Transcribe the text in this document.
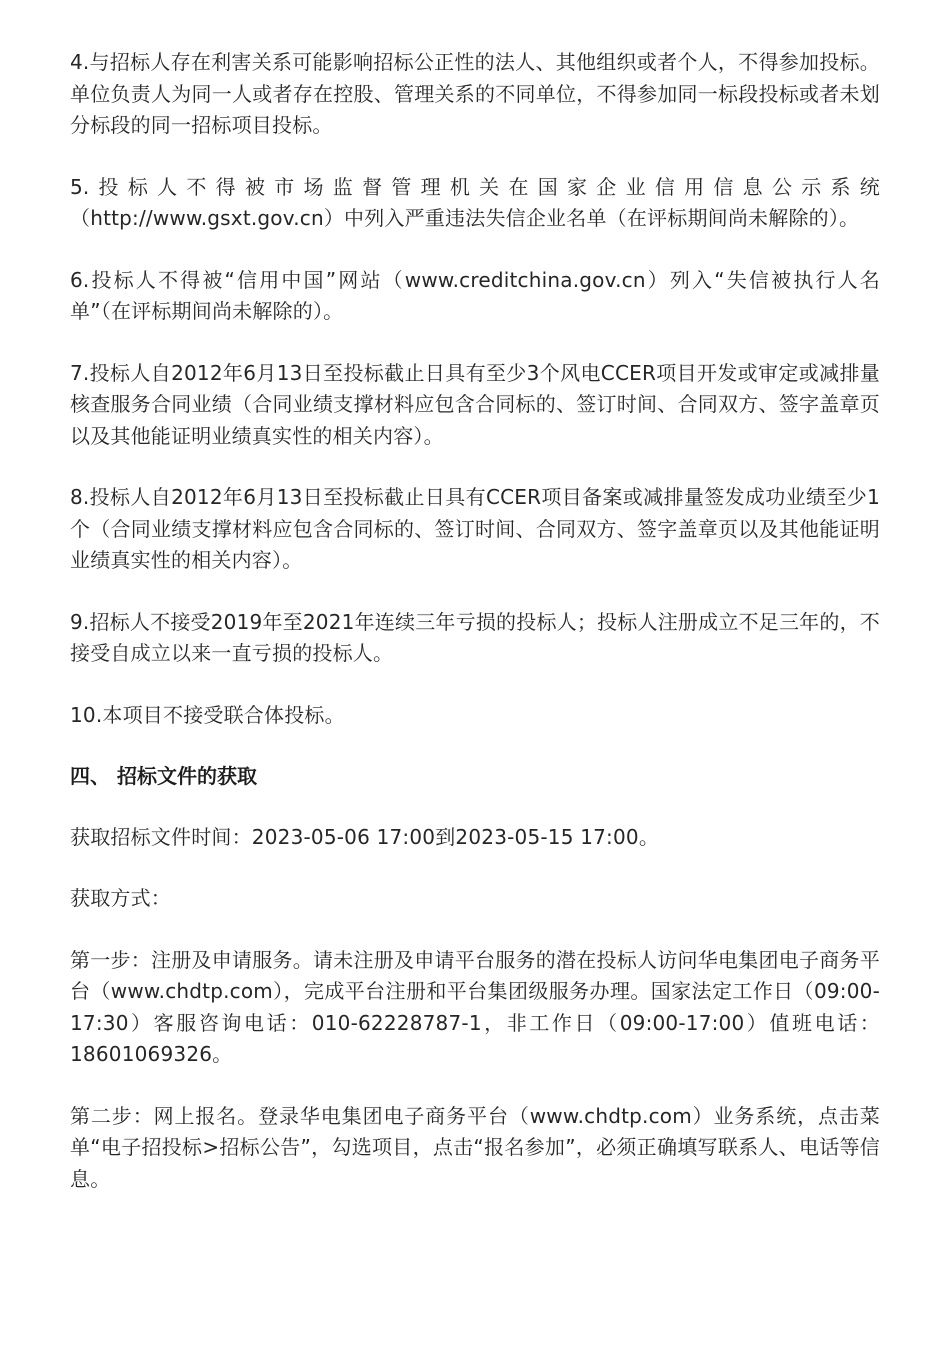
4.与招标人存在利害关系可能影响招标公正性的法人、其他组织或者个人，不得参加投标。单位负责人为同一人或者存在控股、管理关系的不同单位，不得参加同一标段投标或者未划分标段的同一招标项目投标。

5.投标人不得被市场监督管理机关在国家企业信用信息公示系统（http://www.gsxt.gov.cn）中列入严重违法失信企业名单（在评标期间尚未解除的）。

6.投标人不得被“信用中国”网站（www.creditchina.gov.cn）列入“失信被执行人名单”（在评标期间尚未解除的）。

7.投标人自2012年6月13日至投标截止日具有至少3个风电CCER项目开发或审定或减排量核查服务合同业绩（合同业绩支撑材料应包含合同标的、签订时间、合同双方、签字盖章页以及其他能证明业绩真实性的相关内容）。

8.投标人自2012年6月13日至投标截止日具有CCER项目备案或减排量签发成功业绩至少1个（合同业绩支撑材料应包含合同标的、签订时间、合同双方、签字盖章页以及其他能证明业绩真实性的相关内容）。

9.招标人不接受2019年至2021年连续三年亏损的投标人；投标人注册成立不足三年的，不接受自成立以来一直亏损的投标人。

10.本项目不接受联合体投标。

四、 招标文件的获取

获取招标文件时间：2023-05-06 17:00到2023-05-15 17:00。

获取方式：

第一步：注册及申请服务。请未注册及申请平台服务的潜在投标人访问华电集团电子商务平台（www.chdtp.com），完成平台注册和平台集团级服务办理。国家法定工作日（09:00-17:30）客服咨询电话：010-62228787-1，非工作日（09:00-17:00）值班电话：18601069326。

第二步：网上报名。登录华电集团电子商务平台（www.chdtp.com）业务系统，点击菜单“电子招投标>招标公告”，勾选项目，点击“报名参加”，必须正确填写联系人、电话等信息。
